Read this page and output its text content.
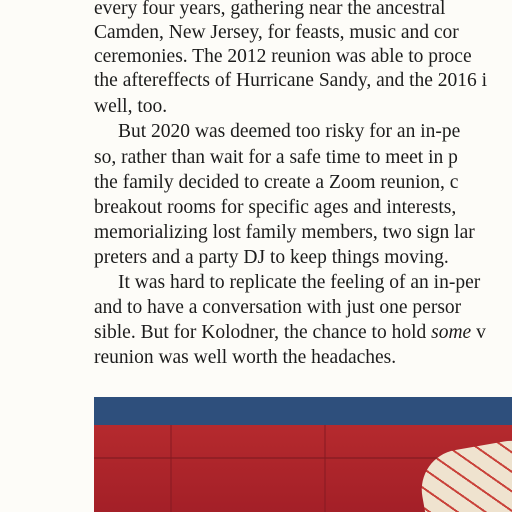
every four years, gathering near the ancestral
Camden, New Jersey, for feasts, music and cor
ceremonies. The 2012 reunion was able to proce
the aftereffects of Hurricane Sandy, and the 2016 i
well, too.
But 2020 was deemed too risky for an in-pe
so, rather than wait for a safe time to meet in p
the family decided to create a Zoom reunion, c
breakout rooms for specific ages and interests,
memorializing lost family members, two sign lar
preters and a party DJ to keep things moving.
It was hard to replicate the feeling of an in-per
and to have a conversation with just one persor
sible. But for Kolodner, the chance to hold some v
reunion was well worth the headaches.
